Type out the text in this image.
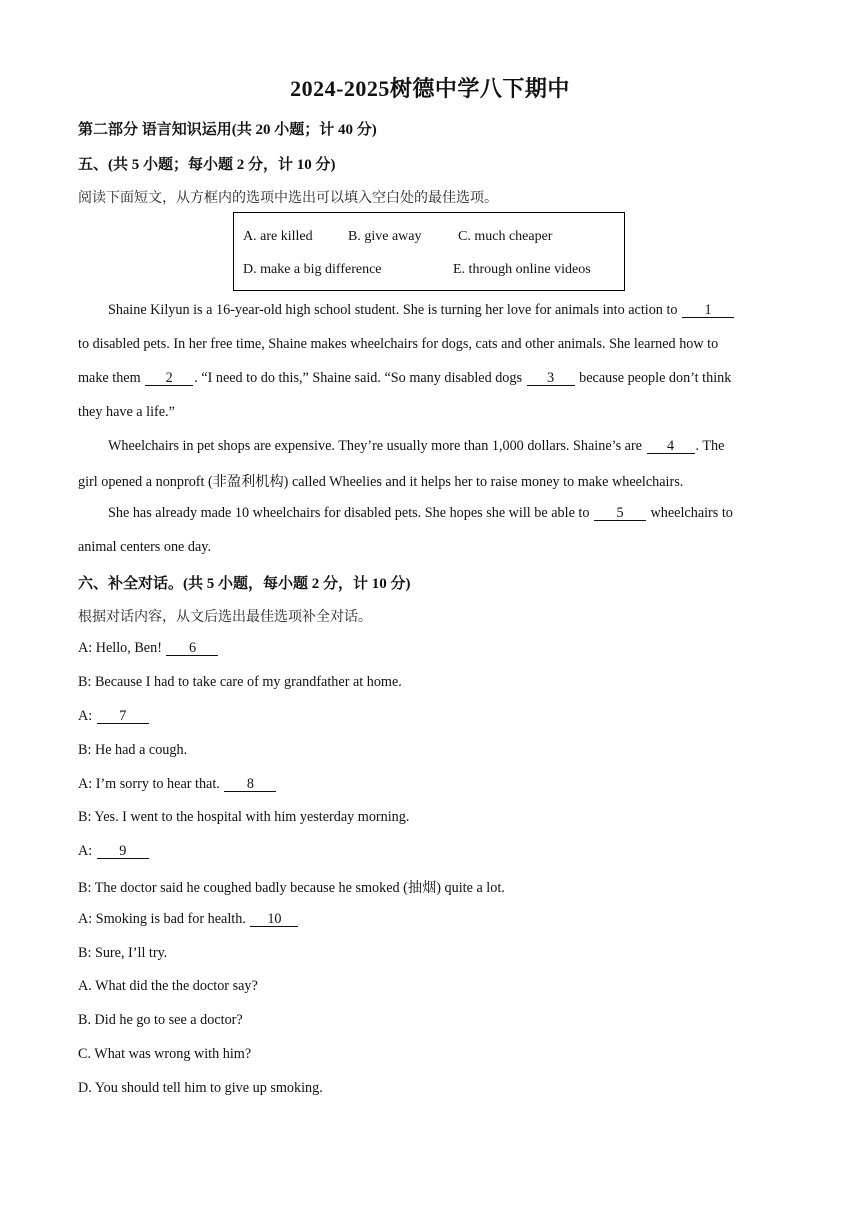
2024-2025树德中学八下期中
第二部分 语言知识运用(共 20 小题；计 40 分)
五、(共 5 小题；每小题 2 分，计 10 分)
阅读下面短文，从方框内的选项中选出可以填入空白处的最佳选项。
A. are killed	B. give away	C. much cheaper
D. make a big difference	E. through online videos
Shaine Kilyun is a 16-year-old high school student. She is turning her love for animals into action to 1
to disabled pets. In her free time, Shaine makes wheelchairs for dogs, cats and other animals. She learned how to
make them 2 . “I need to do this,” Shaine said. “So many disabled dogs 3 because people don’t think
they have a life.”
Wheelchairs in pet shops are expensive. They’re usually more than 1,000 dollars. Shaine’s are 4 . The
girl opened a nonproft (非盈利机构) called Wheelies and it helps her to raise money to make wheelchairs.
She has already made 10 wheelchairs for disabled pets. She hopes she will be able to 5 wheelchairs to
animal centers one day.
六、补全对话。(共 5 小题，每小题 2 分，计 10 分)
根据对话内容，从文后选出最佳选项补全对话。
A: Hello, Ben! 6
B: Because I had to take care of my grandfather at home.
A: 7
B: He had a cough.
A: I’m sorry to hear that. 8
B: Yes. I went to the hospital with him yesterday morning.
A: 9
B: The doctor said he coughed badly because he smoked (抽烟) quite a lot.
A: Smoking is bad for health. 10
B: Sure, I’ll try.
A. What did the the doctor say?
B. Did he go to see a doctor?
C. What was wrong with him?
D. You should tell him to give up smoking.
